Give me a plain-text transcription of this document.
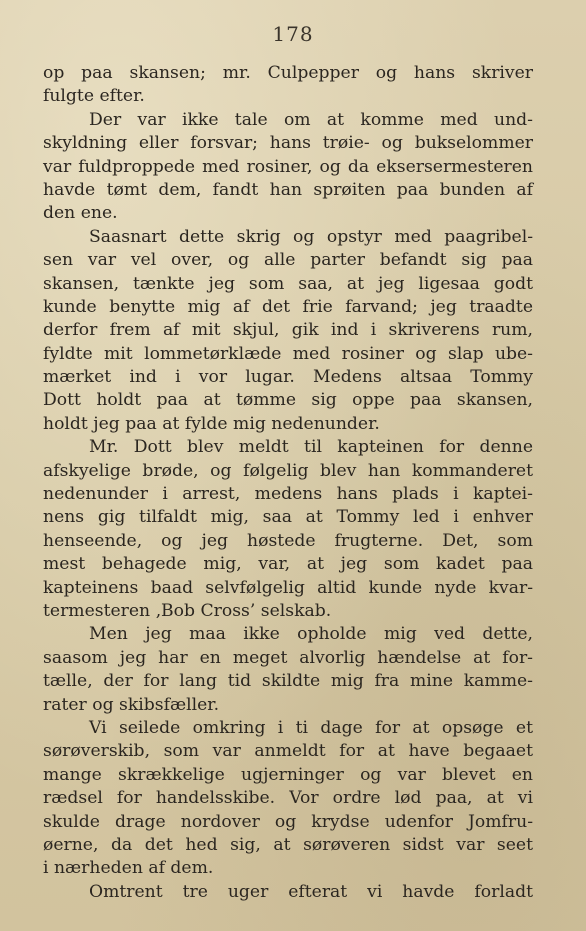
178
op paa skansen; mr. Culpepper og hans skriver
fulgte efter.
Der var ikke tale om at komme med und-
skyldning eller forsvar; hans trøie- og bukselommer
var fuldproppede med rosiner, og da eksersermesteren
havde tømt dem, fandt han sprøiten paa bunden af
den ene.
Saasnart dette skrig og opstyr med paagribel-
sen var vel over, og alle parter befandt sig paa
skansen, tænkte jeg som saa, at jeg ligesaa godt
kunde benytte mig af det frie farvand; jeg traadte
derfor frem af mit skjul, gik ind i skriverens rum,
fyldte mit lommetørklæde med rosiner og slap ube-
mærket ind i vor lugar. Medens altsaa Tommy
Dott holdt paa at tømme sig oppe paa skansen,
holdt jeg paa at fylde mig nedenunder.
Mr. Dott blev meldt til kapteinen for denne
afskyelige brøde, og følgelig blev han kommanderet
nedenunder i arrest, medens hans plads i kaptei-
nens gig tilfaldt mig, saa at Tommy led i enhver
henseende, og jeg høstede frugterne. Det, som
mest behagede mig, var, at jeg som kadet paa
kapteinens baad selvfølgelig altid kunde nyde kvar-
termesteren ‚Bob Cross’ selskab.
Men jeg maa ikke opholde mig ved dette,
saasom jeg har en meget alvorlig hændelse at for-
tælle, der for lang tid skildte mig fra mine kamme-
rater og skibsfæller.
Vi seilede omkring i ti dage for at opsøge et
sørøverskib, som var anmeldt for at have begaaet
mange skrækkelige ugjerninger og var blevet en
rædsel for handelsskibe. Vor ordre lød paa, at vi
skulde drage nordover og krydse udenfor Jomfru-
øerne, da det hed sig, at sørøveren sidst var seet
i nærheden af dem.
Omtrent tre uger efterat vi havde forladt
